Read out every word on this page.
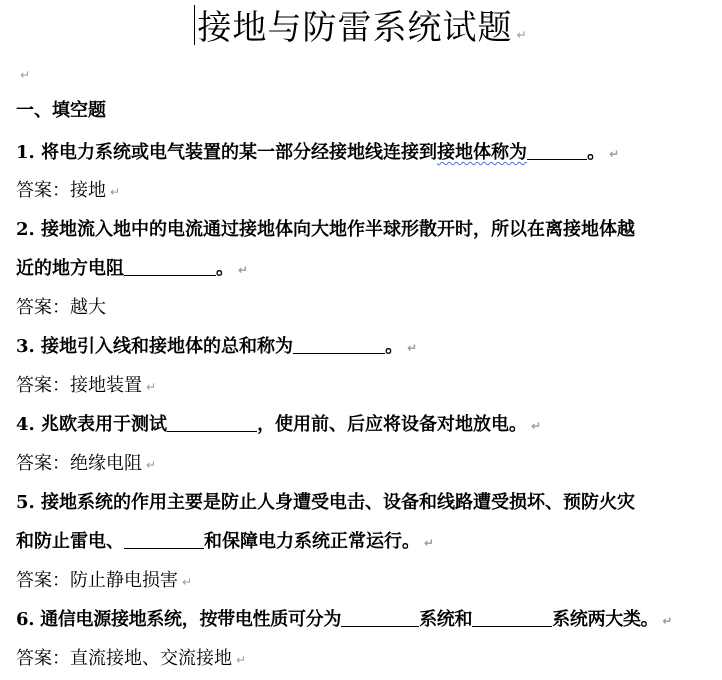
接地与防雷系统试题 ↵
↵
一、填空题
1. 将电力系统或电气装置的某一部分经接地线连接到接地体称为	。 ↵
答案：接地 ↵
2. 接地流入地中的电流通过接地体向大地作半球形散开时，所以在离接地体越
近的地方电阻	。 ↵
答案：越大
3. 接地引入线和接地体的总和称为	。 ↵
答案：接地装置 ↵
4. 兆欧表用于测试	，使用前、后应将设备对地放电。 ↵
答案：绝缘电阻 ↵
5. 接地系统的作用主要是防止人身遭受电击、设备和线路遭受损坏、预防火灾
和防止雷电、	和保障电力系统正常运行。 ↵
答案：防止静电损害 ↵
6. 通信电源接地系统，按带电性质可分为	系统和	系统两大类。 ↵
答案：直流接地、交流接地 ↵
